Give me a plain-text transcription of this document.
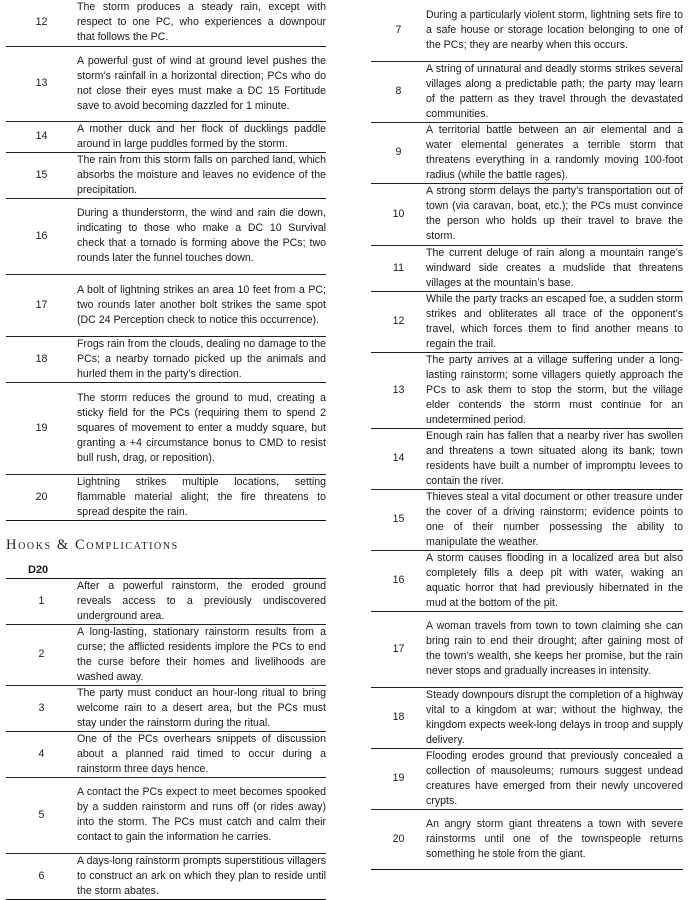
12	The storm produces a steady rain, except with respect to one PC, who experiences a downpour that follows the PC.
13	A powerful gust of wind at ground level pushes the storm’s rainfall in a horizontal direction; PCs who do not close their eyes must make a DC 15 Fortitude save to avoid becoming dazzled for 1 minute.
14	A mother duck and her flock of ducklings paddle around in large puddles formed by the storm.
15	The rain from this storm falls on parched land, which absorbs the moisture and leaves no evidence of the precipitation.
16	During a thunderstorm, the wind and rain die down, indicating to those who make a DC 10 Survival check that a tornado is forming above the PCs; two rounds later the funnel touches down.
17	A bolt of lightning strikes an area 10 feet from a PC; two rounds later another bolt strikes the same spot (DC 24 Perception check to notice this occurrence).
18	Frogs rain from the clouds, dealing no damage to the PCs; a nearby tornado picked up the animals and hurled them in the party’s direction.
19	The storm reduces the ground to mud, creating a sticky field for the PCs (requiring them to spend 2 squares of movement to enter a muddy square, but granting a +4 circumstance bonus to CMD to resist bull rush, drag, or reposition).
20	Lightning strikes multiple locations, setting flammable material alight; the fire threatens to spread despite the rain.
Hooks & Complications
D20
1	After a powerful rainstorm, the eroded ground reveals access to a previously undiscovered underground area.
2	A long-lasting, stationary rainstorm results from a curse; the afflicted residents implore the PCs to end the curse before their homes and livelihoods are washed away.
3	The party must conduct an hour-long ritual to bring welcome rain to a desert area, but the PCs must stay under the rainstorm during the ritual.
4	One of the PCs overhears snippets of discussion about a planned raid timed to occur during a rainstorm three days hence.
5	A contact the PCs expect to meet becomes spooked by a sudden rainstorm and runs off (or rides away) into the storm. The PCs must catch and calm their contact to gain the information he carries.
6	A days-long rainstorm prompts superstitious villagers to construct an ark on which they plan to reside until the storm abates.
7	During a particularly violent storm, lightning sets fire to a safe house or storage location belonging to one of the PCs; they are nearby when this occurs.
8	A string of unnatural and deadly storms strikes several villages along a predictable path; the party may learn of the pattern as they travel through the devastated communities.
9	A territorial battle between an air elemental and a water elemental generates a terrible storm that threatens everything in a randomly moving 100-foot radius (while the battle rages).
10	A strong storm delays the party’s transportation out of town (via caravan, boat, etc.); the PCs must convince the person who holds up their travel to brave the storm.
11	The current deluge of rain along a mountain range’s windward side creates a mudslide that threatens villages at the mountain’s base.
12	While the party tracks an escaped foe, a sudden storm strikes and obliterates all trace of the opponent’s travel, which forces them to find another means to regain the trail.
13	The party arrives at a village suffering under a long-lasting rainstorm; some villagers quietly approach the PCs to ask them to stop the storm, but the village elder contends the storm must continue for an undetermined period.
14	Enough rain has fallen that a nearby river has swollen and threatens a town situated along its bank; town residents have built a number of impromptu levees to contain the river.
15	Thieves steal a vital document or other treasure under the cover of a driving rainstorm; evidence points to one of their number possessing the ability to manipulate the weather.
16	A storm causes flooding in a localized area but also completely fills a deep pit with water, waking an aquatic horror that had previously hibernated in the mud at the bottom of the pit.
17	A woman travels from town to town claiming she can bring rain to end their drought; after gaining most of the town’s wealth, she keeps her promise, but the rain never stops and gradually increases in intensity.
18	Steady downpours disrupt the completion of a highway vital to a kingdom at war; without the highway, the kingdom expects week-long delays in troop and supply delivery.
19	Flooding erodes ground that previously concealed a collection of mausoleums; rumours suggest undead creatures have emerged from their newly uncovered crypts.
20	An angry storm giant threatens a town with severe rainstorms until one of the townspeople returns something he stole from the giant.
